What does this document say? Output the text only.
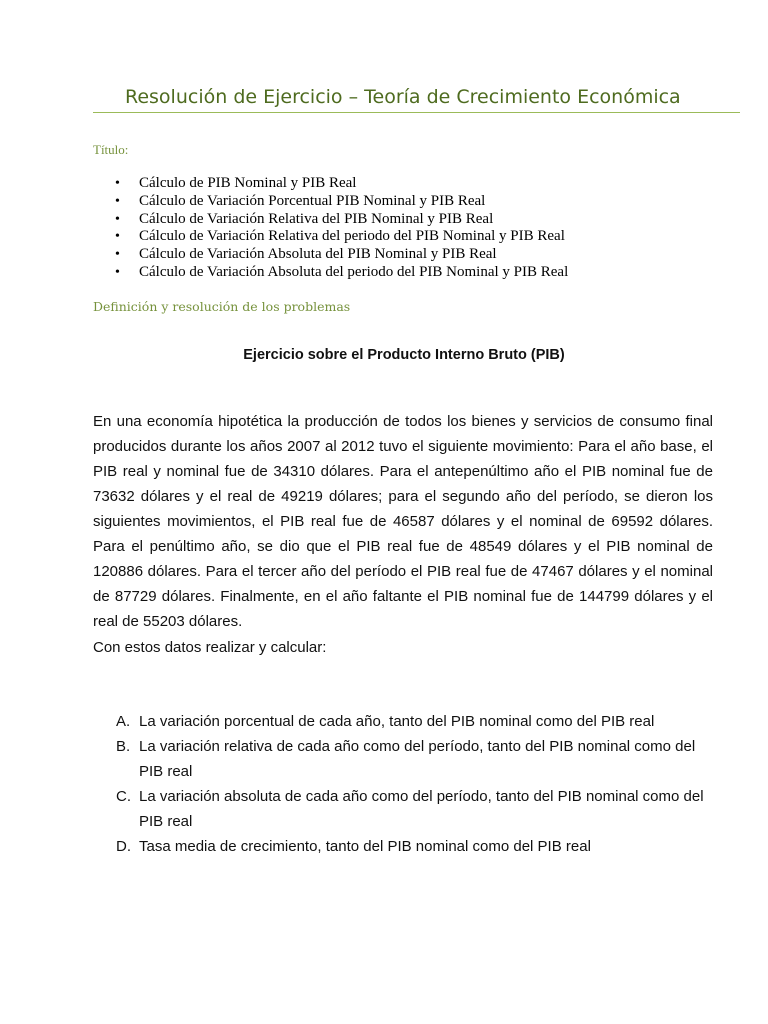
Resolución de Ejercicio – Teoría de Crecimiento Económica
Título:
• Cálculo de PIB Nominal y PIB Real
• Cálculo de Variación Porcentual PIB Nominal y PIB Real
• Cálculo de Variación Relativa del PIB Nominal y PIB Real
• Cálculo de Variación Relativa del periodo del PIB Nominal y PIB Real
• Cálculo de Variación Absoluta del PIB Nominal y PIB Real
• Cálculo de Variación Absoluta del periodo del PIB Nominal y PIB Real
Definición y resolución de los problemas
Ejercicio sobre el Producto Interno Bruto (PIB)

En una economía hipotética la producción de todos los bienes y servicios de consumo final producidos durante los años 2007 al 2012 tuvo el siguiente movimiento: Para el año base, el PIB real y nominal fue de 34310 dólares. Para el antepenúltimo año el PIB nominal fue de 73632 dólares y el real de 49219 dólares; para el segundo año del período, se dieron los siguientes movimientos, el PIB real fue de 46587 dólares y el nominal de 69592 dólares. Para el penúltimo año, se dio que el PIB real fue de 48549 dólares y el PIB nominal de 120886 dólares. Para el tercer año del período el PIB real fue de 47467 dólares y el nominal de 87729 dólares. Finalmente, en el año faltante el PIB nominal fue de 144799 dólares y el real de 55203 dólares.

Con estos datos realizar y calcular:
A. La variación porcentual de cada año, tanto del PIB nominal como del PIB real
B. La variación relativa de cada año como del período, tanto del PIB nominal como del PIB real
C. La variación absoluta de cada año como del período, tanto del PIB nominal como del PIB real
D. Tasa media de crecimiento, tanto del PIB nominal como del PIB real
